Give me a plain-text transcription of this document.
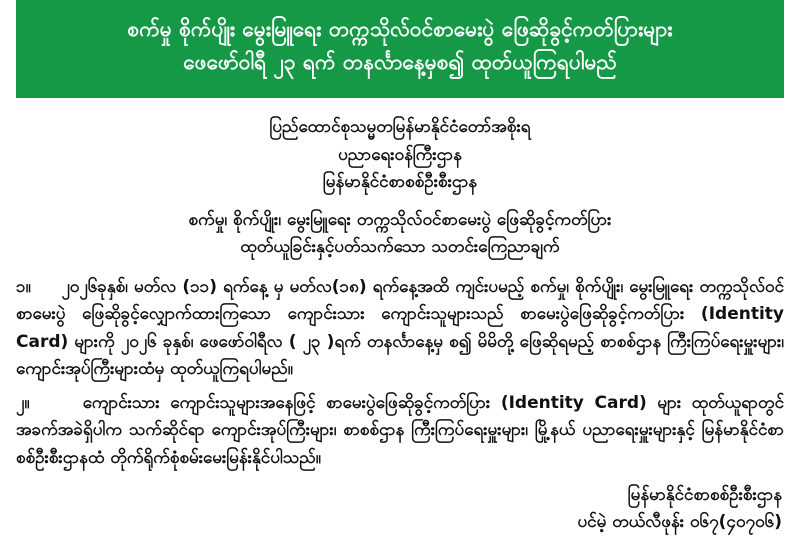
စက်မှု စိုက်ပျိုး မွေးမြူရေး တက္ကသိုလ်ဝင်စာမေးပွဲ ဖြေဆိုခွင့်ကတ်ပြားများ
ဖေဖော်ဝါရီ ၂၃ ရက် တနင်္လာနေ့မှစ၍ ထုတ်ယူကြရပါမည်
ပြည်ထောင်စုသမ္မတမြန်မာနိုင်ငံတော်အစိုးရ
ပညာရေးဝန်ကြီးဌာန
မြန်မာနိုင်ငံစာစစ်ဦးစီးဌာန
စက်မှု၊ စိုက်ပျိုး၊ မွေးမြူရေး တက္ကသိုလ်ဝင်စာမေးပွဲ ဖြေဆိုခွင့်ကတ်ပြား
ထုတ်ယူခြင်းနှင့်ပတ်သက်သော သတင်းကြေညာချက်
၁။ ၂၀၂၆ခုနှစ်၊ မတ်လ (၁၁) ရက်နေ့ မှ မတ်လ(၁၈) ရက်နေ့အထိ ကျင်းပမည့် စက်မှု၊ စိုက်ပျိုး၊ မွေးမြူရေး တက္ကသိုလ်ဝင်စာမေးပွဲ ဖြေဆိုခွင့်လျှောက်ထားကြသော ကျောင်းသား ကျောင်းသူများသည် စာမေးပွဲဖြေဆိုခွင့်ကတ်ပြား (Identity Card) များကို ၂၀၂၆ ခုနှစ်၊ ဖေဖော်ဝါရီလ ( ၂၃ )ရက် တနင်္လာနေ့မှ စ၍ မိမိတို့ ဖြေဆိုရမည့် စာစစ်ဌာန ကြီးကြပ်ရေးမှူးများ၊ ကျောင်းအုပ်ကြီးများထံမှ ထုတ်ယူကြရပါမည်။
၂။	ကျောင်းသား ကျောင်းသူများအနေဖြင့် စာမေးပွဲဖြေဆိုခွင့်ကတ်ပြား (Identity Card) များ ထုတ်ယူရာတွင် အခက်အခဲရှိပါက သက်ဆိုင်ရာ ကျောင်းအုပ်ကြီးများ၊ စာစစ်ဌာန ကြီးကြပ်ရေးမှူးများ၊ မြို့နယ် ပညာရေးမှူးများနှင့် မြန်မာနိုင်ငံစာစစ်ဦးစီးဌာနထံ တိုက်ရိုက်စုံစမ်းမေးမြန်းနိုင်ပါသည်။
မြန်မာနိုင်ငံစာစစ်ဦးစီးဌာန
ပင်မဲ့ တယ်လီဖုန်း ဝ၆၇(၄၀၇၀၆)
